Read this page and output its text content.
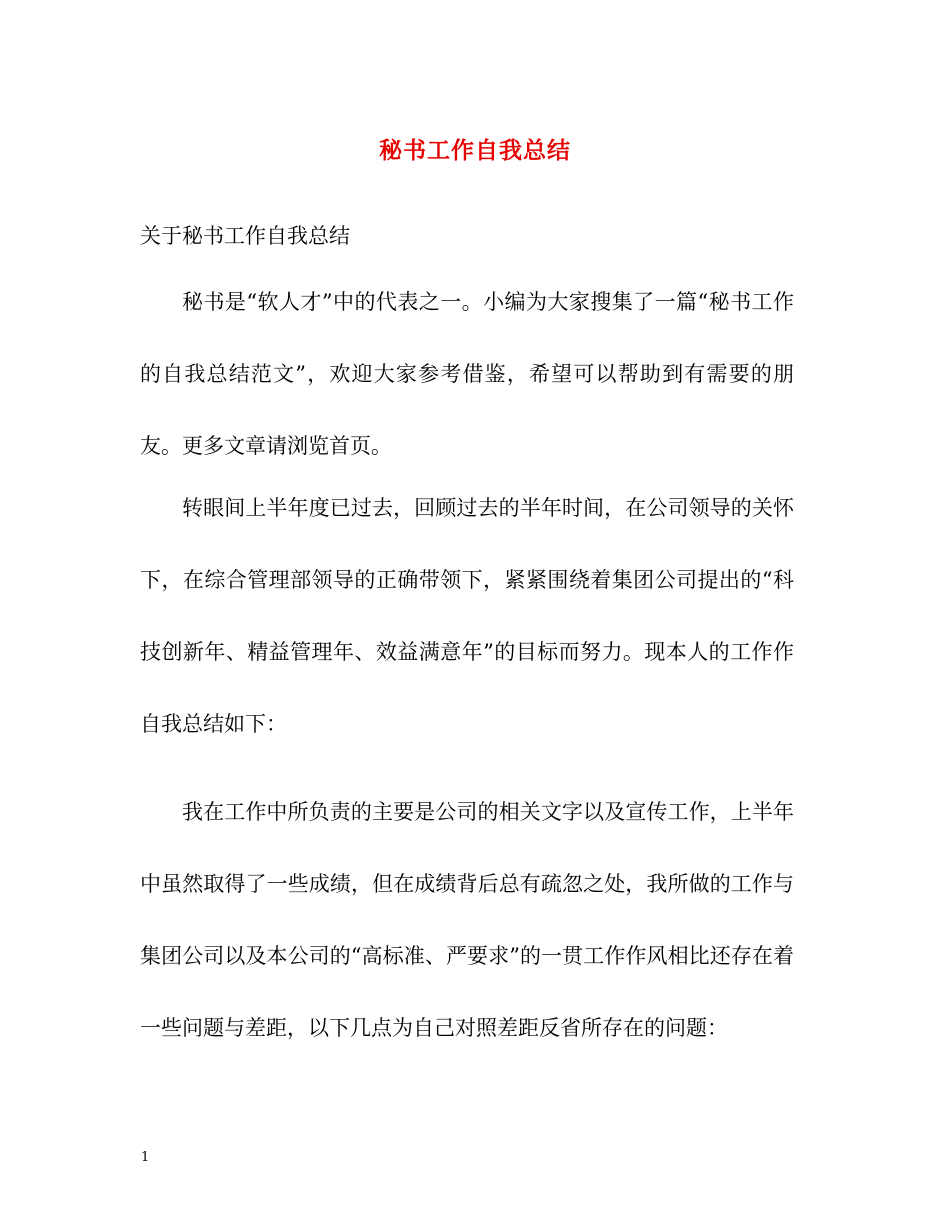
秘书工作自我总结

关于秘书工作自我总结

秘书是“软人才”中的代表之一。小编为大家搜集了一篇“秘书工作的自我总结范文”，欢迎大家参考借鉴，希望可以帮助到有需要的朋友。更多文章请浏览首页。

转眼间上半年度已过去，回顾过去的半年时间，在公司领导的关怀下，在综合管理部领导的正确带领下，紧紧围绕着集团公司提出的“科技创新年、精益管理年、效益满意年”的目标而努力。现本人的工作作自我总结如下：

我在工作中所负责的主要是公司的相关文字以及宣传工作，上半年中虽然取得了一些成绩，但在成绩背后总有疏忽之处，我所做的工作与集团公司以及本公司的“高标准、严要求”的一贯工作作风相比还存在着一些问题与差距，以下几点为自己对照差距反省所存在的问题：

1
